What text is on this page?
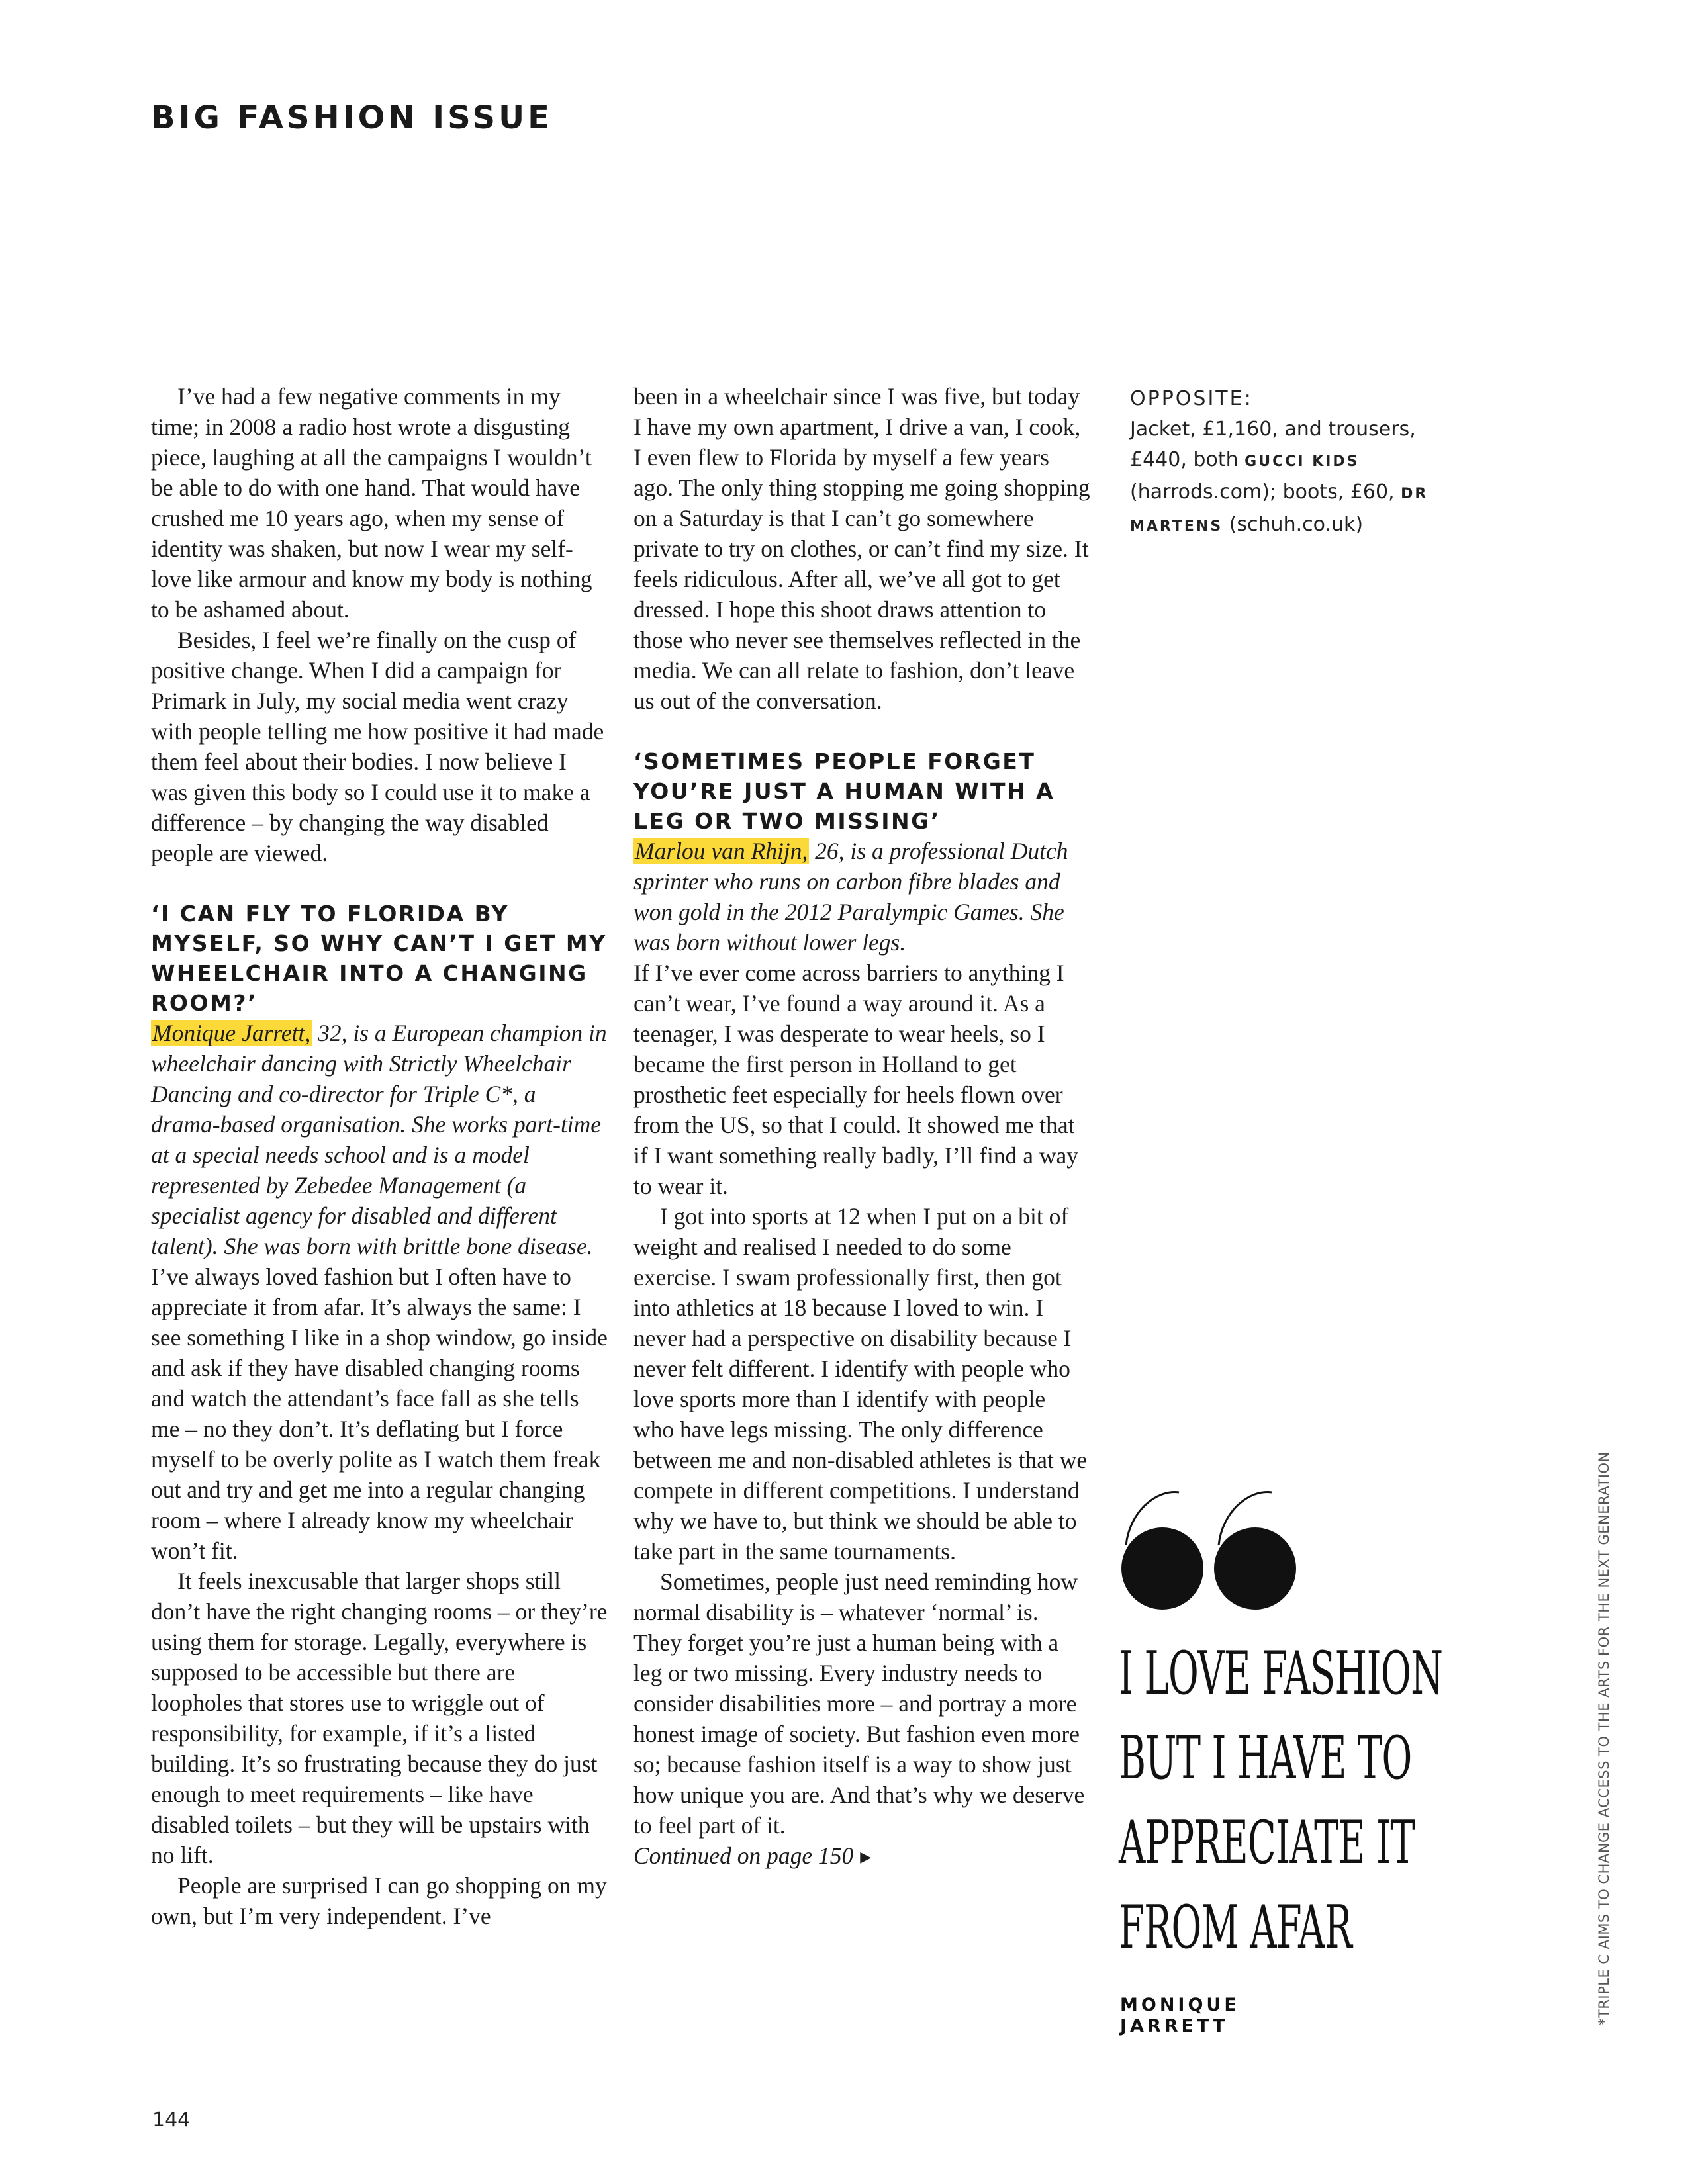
BIG FASHION ISSUE

I’ve had a few negative comments in my time; in 2008 a radio host wrote a disgusting piece, laughing at all the campaigns I wouldn’t be able to do with one hand. That would have crushed me 10 years ago, when my sense of identity was shaken, but now I wear my self-love like armour and know my body is nothing to be ashamed about.

Besides, I feel we’re finally on the cusp of positive change. When I did a campaign for Primark in July, my social media went crazy with people telling me how positive it had made them feel about their bodies. I now believe I was given this body so I could use it to make a difference – by changing the way disabled people are viewed.

‘I CAN FLY TO FLORIDA BY MYSELF, SO WHY CAN’T I GET MY WHEELCHAIR INTO A CHANGING ROOM?’

Monique Jarrett, 32, is a European champion in wheelchair dancing with Strictly Wheelchair Dancing and co-director for Triple C*, a drama-based organisation. She works part-time at a special needs school and is a model represented by Zebedee Management (a specialist agency for disabled and different talent). She was born with brittle bone disease.

I’ve always loved fashion but I often have to appreciate it from afar. It’s always the same: I see something I like in a shop window, go inside and ask if they have disabled changing rooms and watch the attendant’s face fall as she tells me – no they don’t. It’s deflating but I force myself to be overly polite as I watch them freak out and try and get me into a regular changing room – where I already know my wheelchair won’t fit.

It feels inexcusable that larger shops still don’t have the right changing rooms – or they’re using them for storage. Legally, everywhere is supposed to be accessible but there are loopholes that stores use to wriggle out of responsibility, for example, if it’s a listed building. It’s so frustrating because they do just enough to meet requirements – like have disabled toilets – but they will be upstairs with no lift.

People are surprised I can go shopping on my own, but I’m very independent. I’ve

been in a wheelchair since I was five, but today I have my own apartment, I drive a van, I cook, I even flew to Florida by myself a few years ago. The only thing stopping me going shopping on a Saturday is that I can’t go somewhere private to try on clothes, or can’t find my size. It feels ridiculous. After all, we’ve all got to get dressed. I hope this shoot draws attention to those who never see themselves reflected in the media. We can all relate to fashion, don’t leave us out of the conversation.

‘SOMETIMES PEOPLE FORGET YOU’RE JUST A HUMAN WITH A LEG OR TWO MISSING’

Marlou van Rhijn, 26, is a professional Dutch sprinter who runs on carbon fibre blades and won gold in the 2012 Paralympic Games. She was born without lower legs.

If I’ve ever come across barriers to anything I can’t wear, I’ve found a way around it. As a teenager, I was desperate to wear heels, so I became the first person in Holland to get prosthetic feet especially for heels flown over from the US, so that I could. It showed me that if I want something really badly, I’ll find a way to wear it.

I got into sports at 12 when I put on a bit of weight and realised I needed to do some exercise. I swam professionally first, then got into athletics at 18 because I loved to win. I never had a perspective on disability because I never felt different. I identify with people who love sports more than I identify with people who have legs missing. The only difference between me and non-disabled athletes is that we compete in different competitions. I understand why we have to, but think we should be able to take part in the same tournaments.

Sometimes, people just need reminding how normal disability is – whatever ‘normal’ is. They forget you’re just a human being with a leg or two missing. Every industry needs to consider disabilities more – and portray a more honest image of society. But fashion even more so; because fashion itself is a way to show just how unique you are. And that’s why we deserve to feel part of it.

Continued on page 150 ▶

OPPOSITE:
Jacket, £1,160, and trousers, £440, both GUCCI KIDS (harrods.com); boots, £60, DR MARTENS (schuh.co.uk)
I LOVE FASHION
BUT I HAVE TO
APPRECIATE IT
FROM AFAR
MONIQUE
JARRETT
*TRIPLE C AIMS TO CHANGE ACCESS TO THE ARTS FOR THE NEXT GENERATION
144
